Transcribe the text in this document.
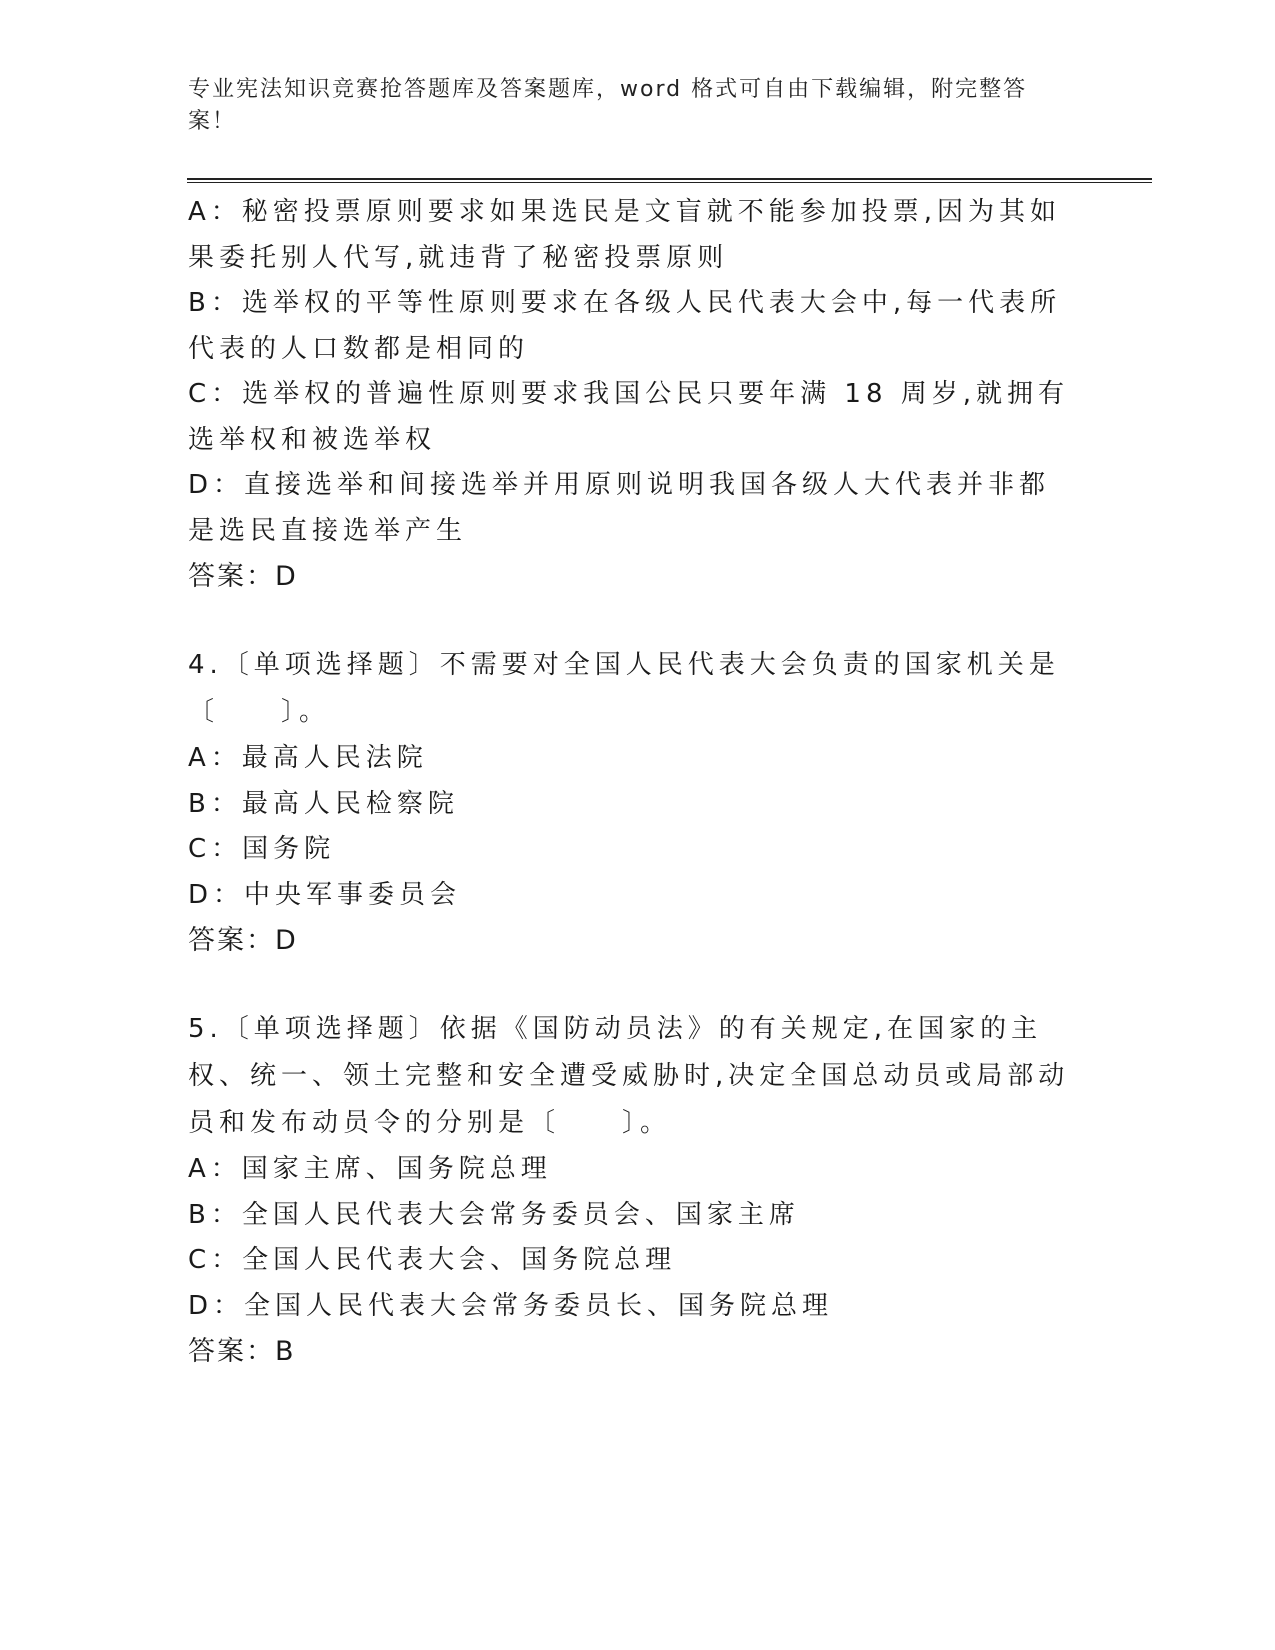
专业宪法知识竞赛抢答题库及答案题库，word 格式可自由下载编辑，附完整答案！

A：秘密投票原则要求如果选民是文盲就不能参加投票,因为其如果委托别人代写,就违背了秘密投票原则

B：选举权的平等性原则要求在各级人民代表大会中,每一代表所代表的人口数都是相同的

C：选举权的普遍性原则要求我国公民只要年满 18 周岁,就拥有选举权和被选举权

D：直接选举和间接选举并用原则说明我国各级人大代表并非都是选民直接选举产生

答案：D

4.〔单项选择题〕不需要对全国人民代表大会负责的国家机关是〔　　〕。

A：最高人民法院

B：最高人民检察院

C：国务院

D：中央军事委员会

答案：D

5.〔单项选择题〕依据《国防动员法》的有关规定,在国家的主权、统一、领土完整和安全遭受威胁时,决定全国总动员或局部动员和发布动员令的分别是〔　　〕。

A：国家主席、国务院总理

B：全国人民代表大会常务委员会、国家主席

C：全国人民代表大会、国务院总理

D：全国人民代表大会常务委员长、国务院总理

答案：B
